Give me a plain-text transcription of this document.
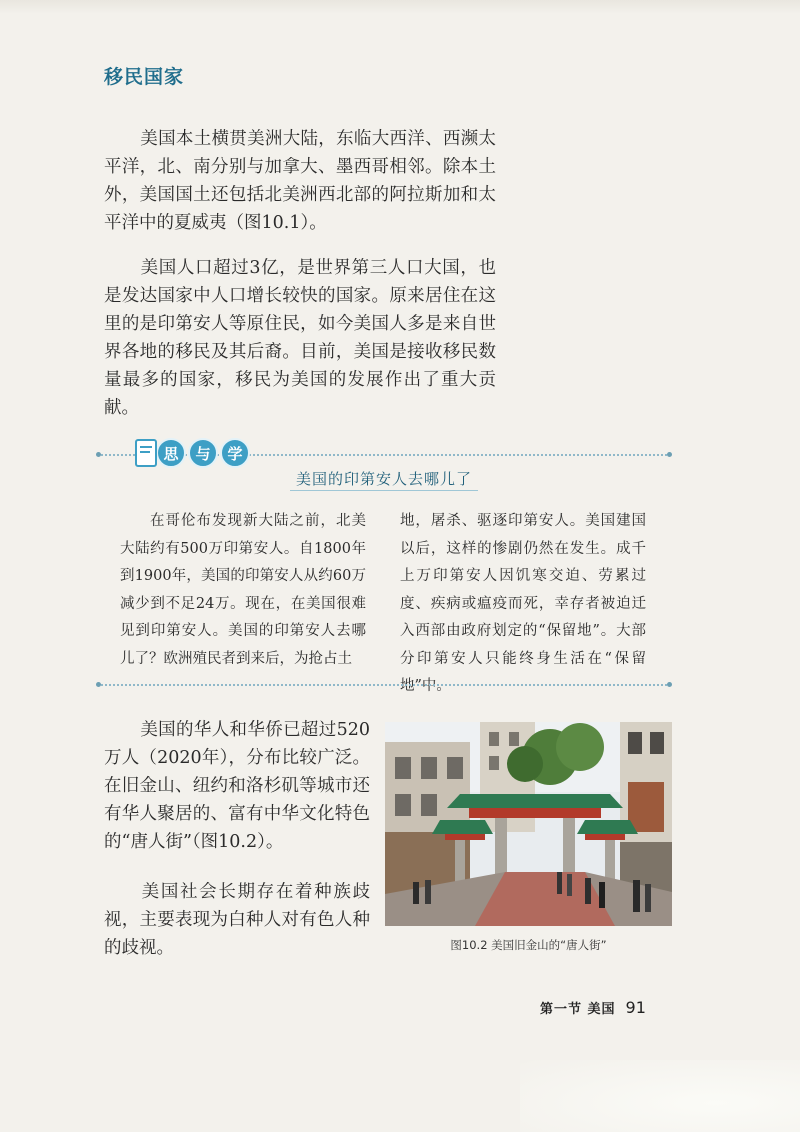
移民国家

美国本土横贯美洲大陆，东临大西洋、西濒太平洋，北、南分别与加拿大、墨西哥相邻。除本土外，美国国土还包括北美洲西北部的阿拉斯加和太平洋中的夏威夷（图10.1）。

美国人口超过3亿，是世界第三人口大国，也是发达国家中人口增长较快的国家。原来居住在这里的是印第安人等原住民，如今美国人多是来自世界各地的移民及其后裔。目前，美国是接收移民数量最多的国家，移民为美国的发展作出了重大贡献。

思	与	学
美国的印第安人去哪儿了
在哥伦布发现新大陆之前，北美大陆约有500万印第安人。自1800年到1900年，美国的印第安人从约60万减少到不足24万。现在，在美国很难见到印第安人。美国的印第安人去哪儿了？欧洲殖民者到来后，为抢占土
地，屠杀、驱逐印第安人。美国建国以后，这样的惨剧仍然在发生。成千上万印第安人因饥寒交迫、劳累过度、疾病或瘟疫而死，幸存者被迫迁入西部由政府划定的“保留地”。大部分印第安人只能终身生活在“保留地”中。

美国的华人和华侨已超过520万人（2020年），分布比较广泛。在旧金山、纽约和洛杉矶等城市还有华人聚居的、富有中华文化特色的“唐人街”（图10.2）。

美国社会长期存在着种族歧视，主要表现为白种人对有色人种的歧视。	图10.2 美国旧金山的“唐人街”
第一节 美国 91
